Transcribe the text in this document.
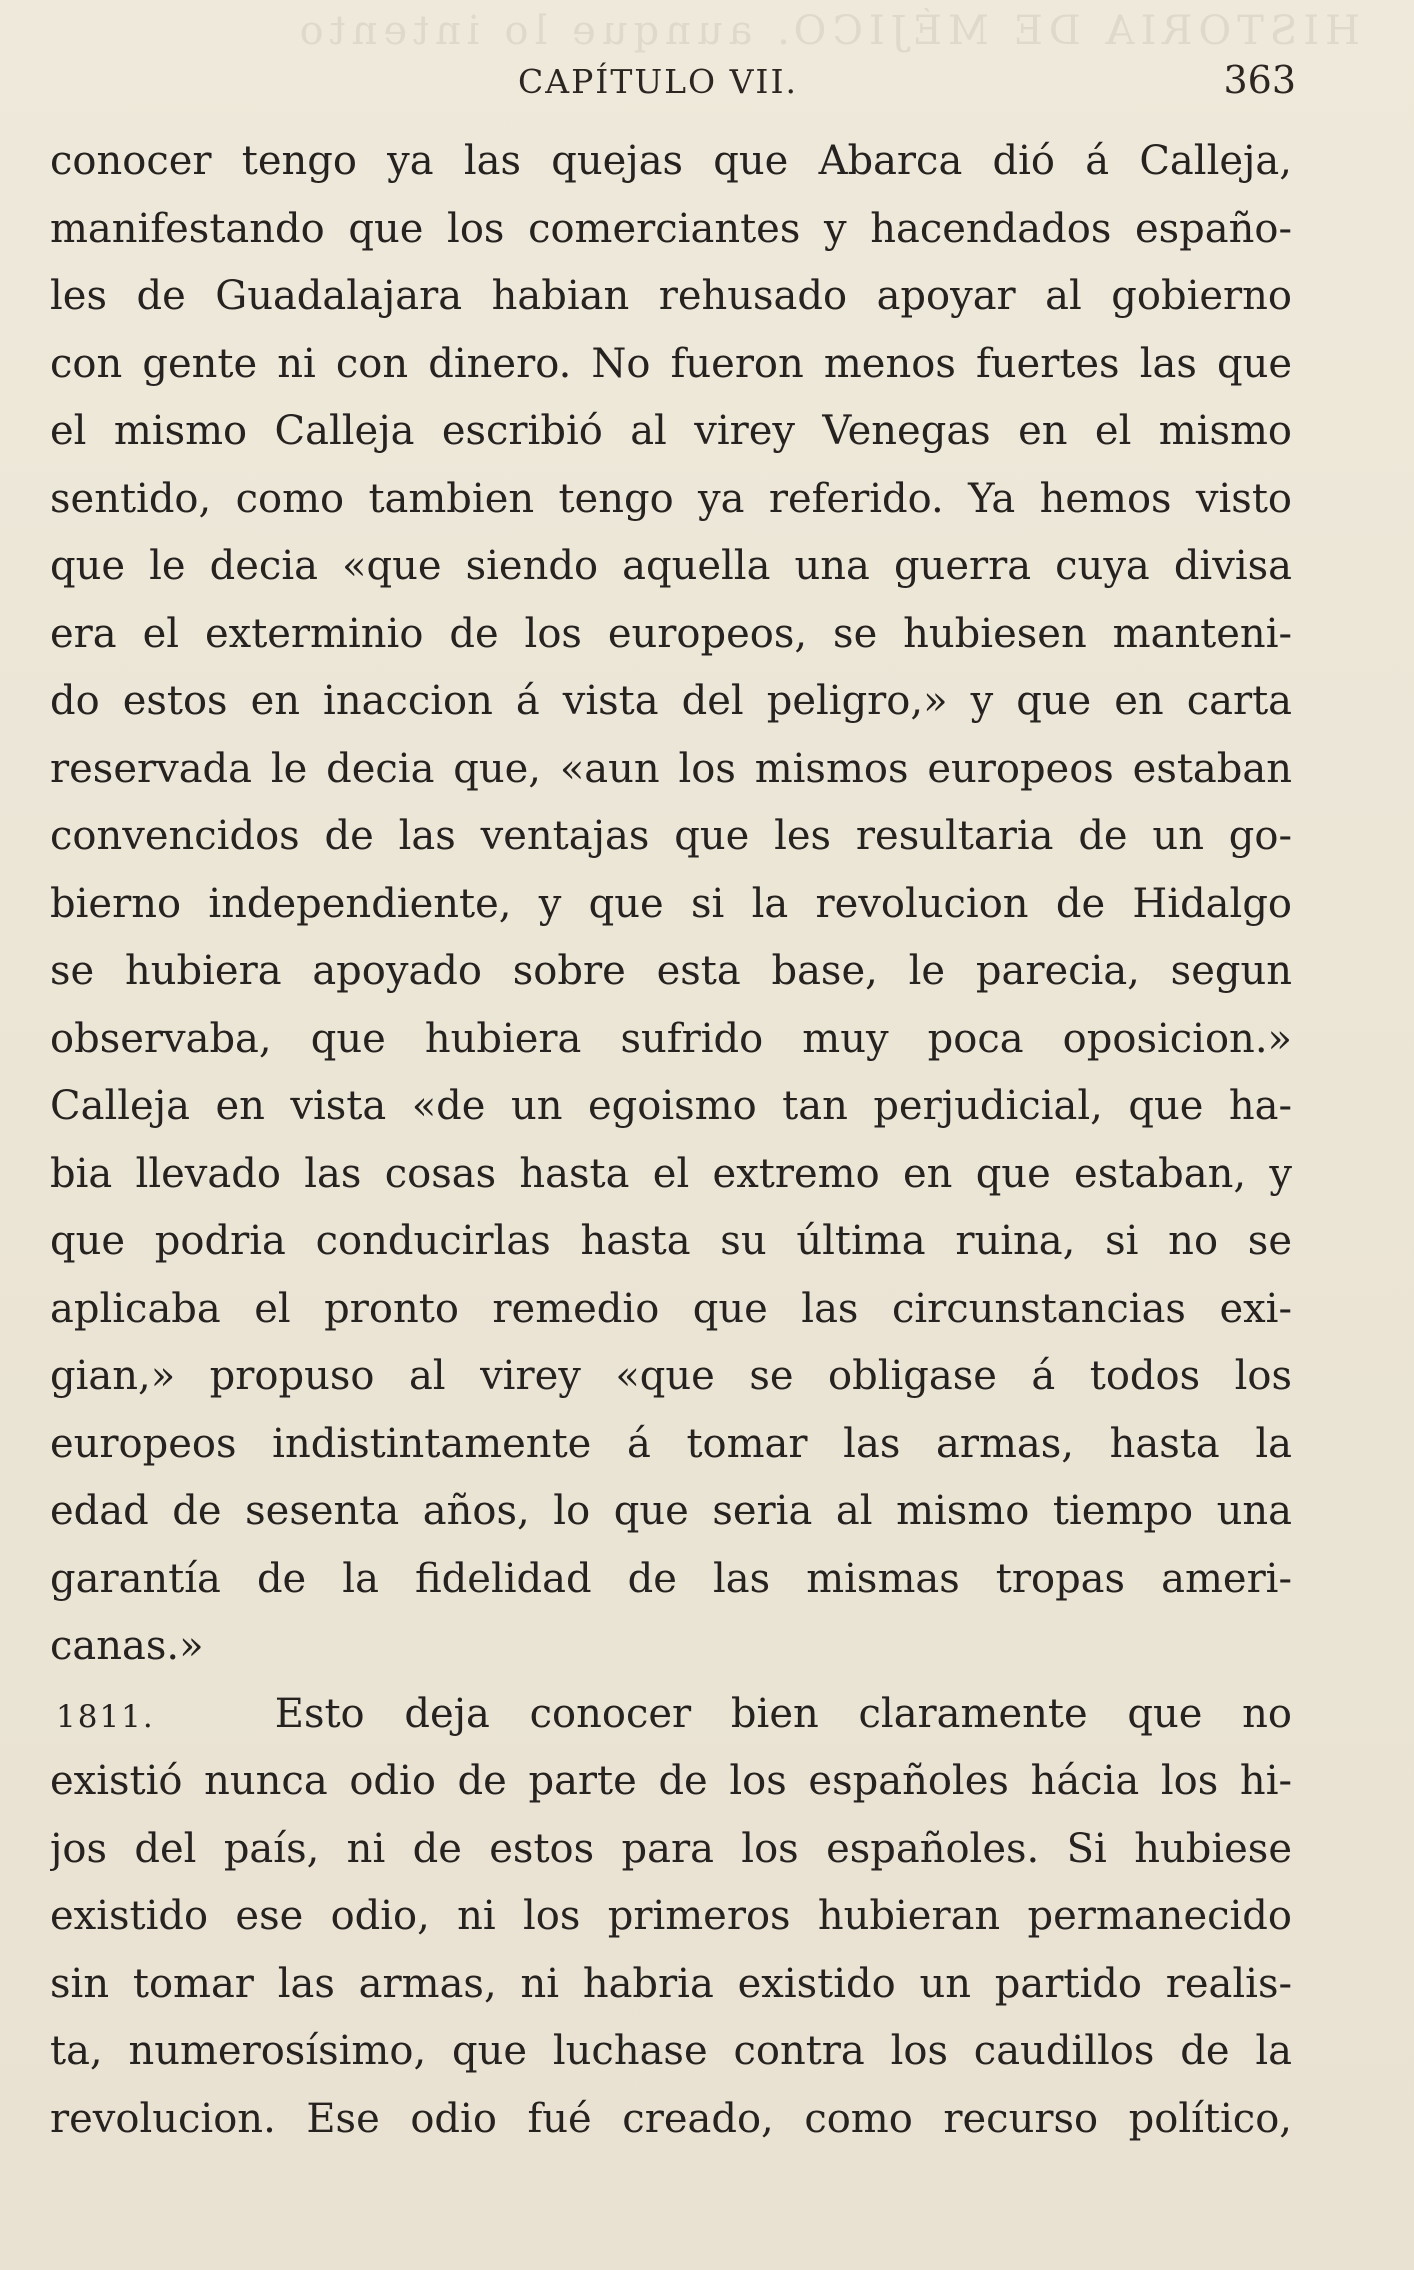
HISTORIA DE MÉJICO. aunque lo intento
CAPÍTULO VII.	363
conocer tengo ya las quejas que Abarca dió á Calleja,
manifestando que los comerciantes y hacendados españo-
les de Guadalajara habian rehusado apoyar al gobierno
con gente ni con dinero. No fueron menos fuertes las que
el mismo Calleja escribió al virey Venegas en el mismo
sentido, como tambien tengo ya referido. Ya hemos visto
que le decia «que siendo aquella una guerra cuya divisa
era el exterminio de los europeos, se hubiesen manteni-
do estos en inaccion á vista del peligro,» y que en carta
reservada le decia que, «aun los mismos europeos estaban
convencidos de las ventajas que les resultaria de un go-
bierno independiente, y que si la revolucion de Hidalgo
se hubiera apoyado sobre esta base, le parecia, segun
observaba, que hubiera sufrido muy poca oposicion.»
Calleja en vista «de un egoismo tan perjudicial, que ha-
bia llevado las cosas hasta el extremo en que estaban, y
que podria conducirlas hasta su última ruina, si no se
aplicaba el pronto remedio que las circunstancias exi-
gian,» propuso al virey «que se obligase á todos los
europeos indistintamente á tomar las armas, hasta la
edad de sesenta años, lo que seria al mismo tiempo una
garantía de la fidelidad de las mismas tropas ameri-
canas.»
1811.	Esto deja conocer bien claramente que no
existió nunca odio de parte de los españoles hácia los hi-
jos del país, ni de estos para los españoles. Si hubiese
existido ese odio, ni los primeros hubieran permanecido
sin tomar las armas, ni habria existido un partido realis-
ta, numerosísimo, que luchase contra los caudillos de la
revolucion. Ese odio fué creado, como recurso político,
